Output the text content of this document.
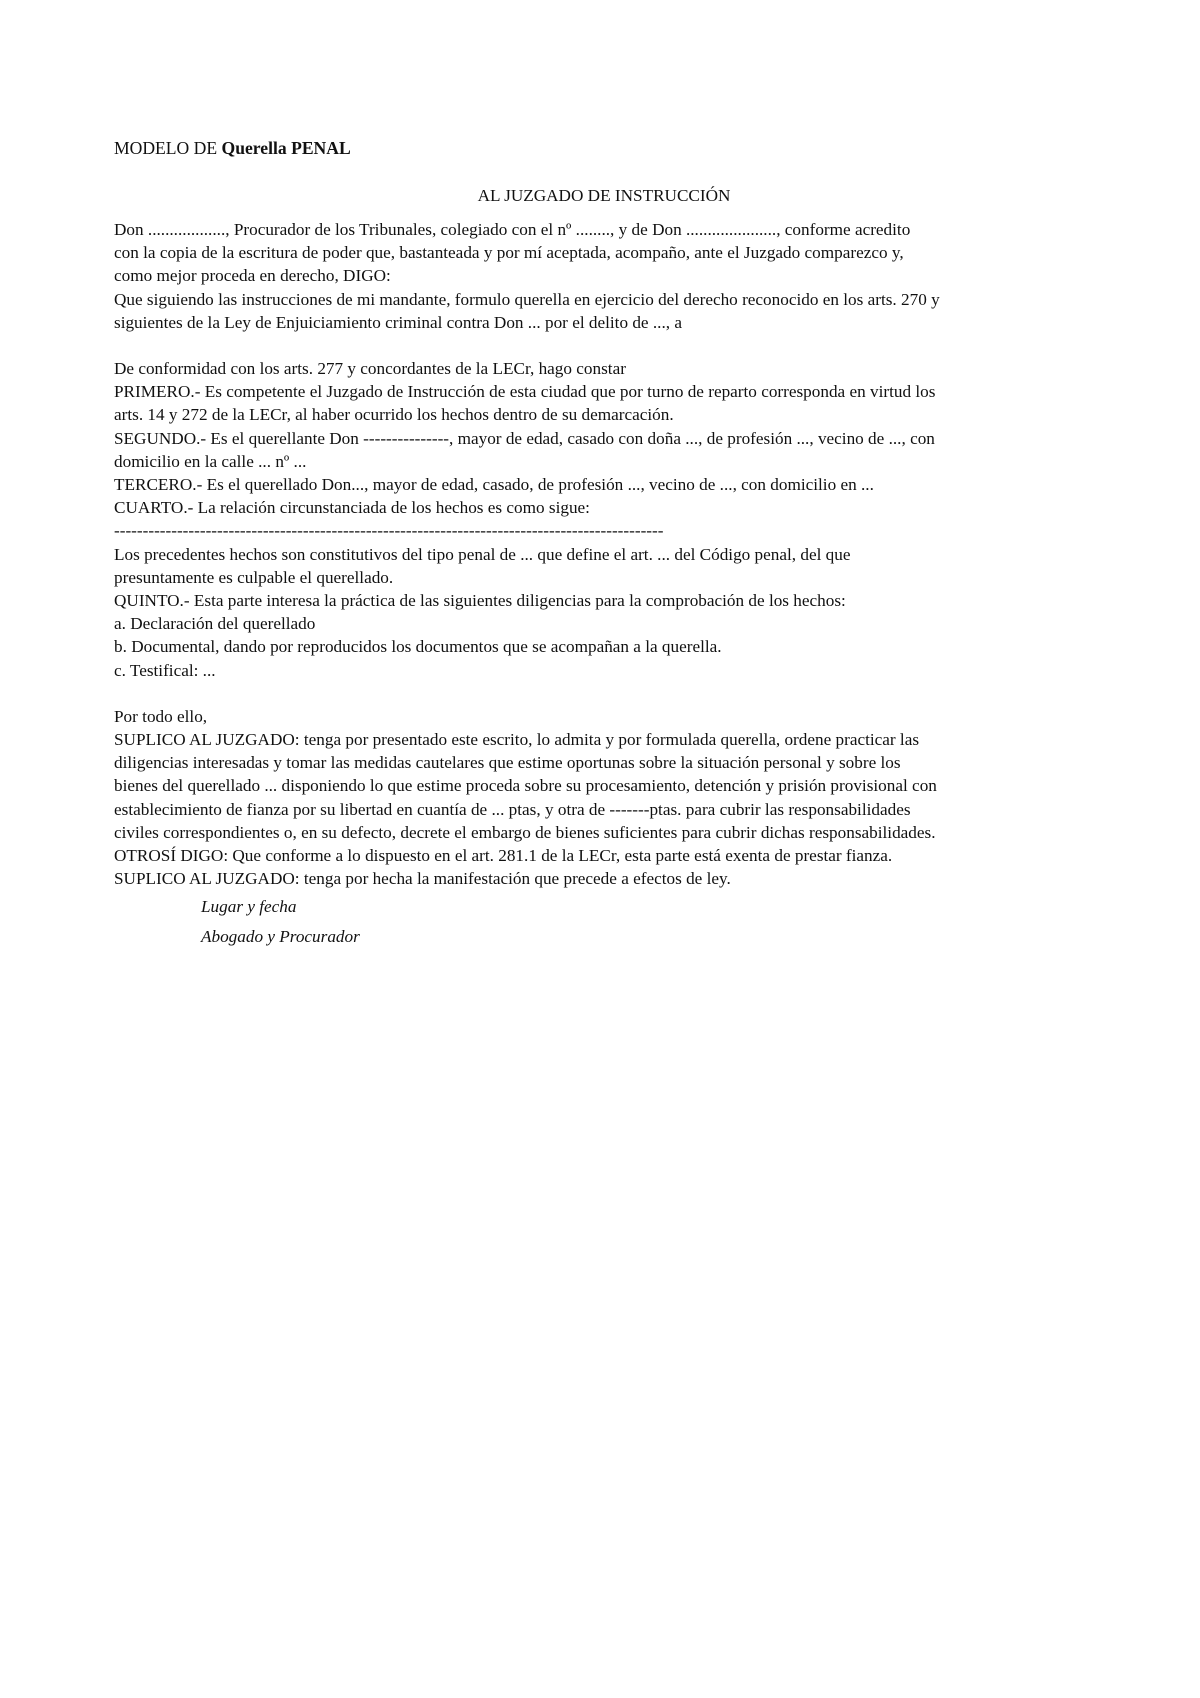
MODELO DE Querella PENAL

AL JUZGADO DE INSTRUCCIÓN

Don .................., Procurador de los Tribunales, colegiado con el nº ........, y de Don ....................., conforme acredito

con la copia de la escritura de poder que, bastanteada y por mí aceptada, acompaño, ante el Juzgado comparezco y,

como mejor proceda en derecho, DIGO:

Que siguiendo las instrucciones de mi mandante, formulo querella en ejercicio del derecho reconocido en los arts. 270 y

siguientes de la Ley de Enjuiciamiento criminal contra Don ... por el delito de ..., a

De conformidad con los arts. 277 y concordantes de la LECr, hago constar

PRIMERO.- Es competente el Juzgado de Instrucción de esta ciudad que por turno de reparto corresponda en virtud los

arts. 14 y 272 de la LECr, al haber ocurrido los hechos dentro de su demarcación.

SEGUNDO.- Es el querellante Don ---------------, mayor de edad, casado con doña ..., de profesión ..., vecino de ..., con

domicilio en la calle ... nº ...

TERCERO.- Es el querellado Don..., mayor de edad, casado, de profesión ..., vecino de ..., con domicilio en ...

CUARTO.- La relación circunstanciada de los hechos es como sigue:

------------------------------------------------------------------------------------------------

Los precedentes hechos son constitutivos del tipo penal de ... que define el art. ... del Código penal, del que

presuntamente es culpable el querellado.

QUINTO.- Esta parte interesa la práctica de las siguientes diligencias para la comprobación de los hechos:

a. Declaración del querellado

b. Documental, dando por reproducidos los documentos que se acompañan a la querella.

c. Testifical: ...

Por todo ello,

SUPLICO AL JUZGADO: tenga por presentado este escrito, lo admita y por formulada querella, ordene practicar las

diligencias interesadas y tomar las medidas cautelares que estime oportunas sobre la situación personal y sobre los

bienes del querellado ... disponiendo lo que estime proceda sobre su procesamiento, detención y prisión provisional con

establecimiento de fianza por su libertad en cuantía de ... ptas, y otra de -------ptas. para cubrir las responsabilidades

civiles correspondientes o, en su defecto, decrete el embargo de bienes suficientes para cubrir dichas responsabilidades.

OTROSÍ DIGO: Que conforme a lo dispuesto en el art. 281.1 de la LECr, esta parte está exenta de prestar fianza.

SUPLICO AL JUZGADO: tenga por hecha la manifestación que precede a efectos de ley.

Lugar y fecha

Abogado y Procurador
